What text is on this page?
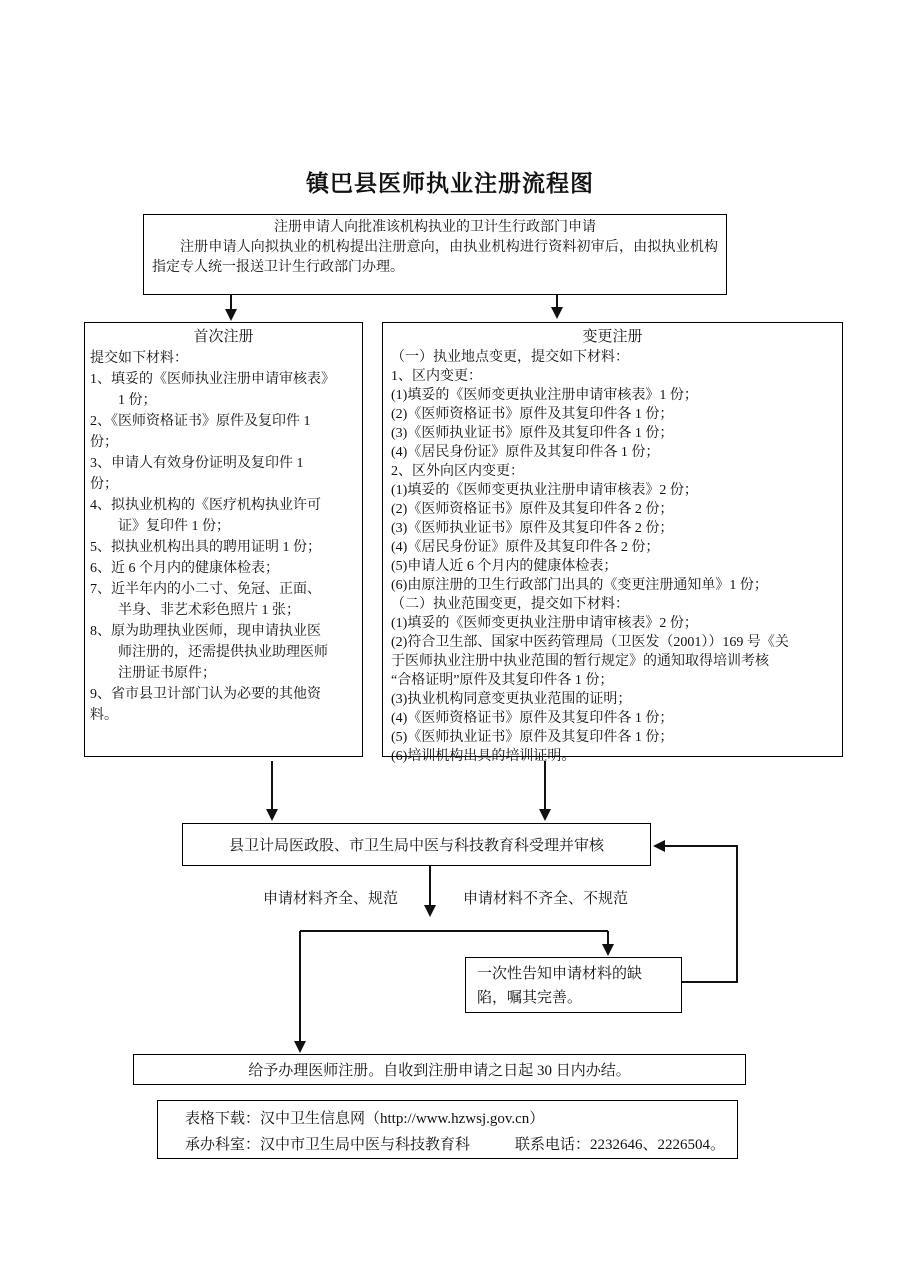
镇巴县医师执业注册流程图
注册申请人向批准该机构执业的卫计生行政部门申请
注册申请人向拟执业的机构提出注册意向，由执业机构进行资料初审后，由拟执业机构指定专人统一报送卫计生行政部门办理。
首次注册
提交如下材料：
1、填妥的《医师执业注册申请审核表》
　　1 份；
2、《医师资格证书》原件及复印件 1
份；
3、申请人有效身份证明及复印件 1
份；
4、拟执业机构的《医疗机构执业许可
　　证》复印件 1 份；
5、拟执业机构出具的聘用证明 1 份；
6、近 6 个月内的健康体检表；
7、近半年内的小二寸、免冠、正面、
　　半身、非艺术彩色照片 1 张；
8、原为助理执业医师，现申请执业医
　　师注册的，还需提供执业助理医师
　　注册证书原件；
9、省市县卫计部门认为必要的其他资
料。
变更注册
（一）执业地点变更，提交如下材料：
1、区内变更：
(1)填妥的《医师变更执业注册申请审核表》1 份；
(2)《医师资格证书》原件及其复印件各 1 份；
(3)《医师执业证书》原件及其复印件各 1 份；
(4)《居民身份证》原件及其复印件各 1 份；
2、区外向区内变更：
(1)填妥的《医师变更执业注册申请审核表》2 份；
(2)《医师资格证书》原件及其复印件各 2 份；
(3)《医师执业证书》原件及其复印件各 2 份；
(4)《居民身份证》原件及其复印件各 2 份；
(5)申请人近 6 个月内的健康体检表；
(6)由原注册的卫生行政部门出具的《变更注册通知单》1 份；
（二）执业范围变更，提交如下材料：
(1)填妥的《医师变更执业注册申请审核表》2 份；
(2)符合卫生部、国家中医药管理局（卫医发（2001））169 号《关
于医师执业注册中执业范围的暂行规定》的通知取得培训考核
“合格证明”原件及其复印件各 1 份；
(3)执业机构同意变更执业范围的证明；
(4)《医师资格证书》原件及其复印件各 1 份；
(5)《医师执业证书》原件及其复印件各 1 份；
(6)培训机构出具的培训证明。
县卫计局医政股、市卫生局中医与科技教育科受理并审核
申请材料齐全、规范	申请材料不齐全、不规范
一次性告知申请材料的缺
陷，嘱其完善。
给予办理医师注册。自收到注册申请之日起 30 日内办结。
表格下载：汉中卫生信息网（http://www.hzwsj.gov.cn）
承办科室：汉中市卫生局中医与科技教育科　　　联系电话：2232646、2226504。
